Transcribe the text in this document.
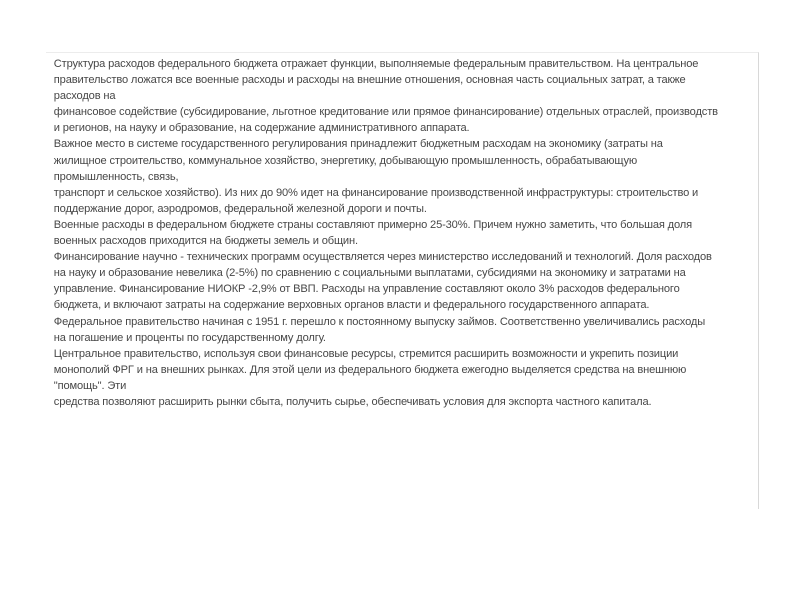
Структура расходов федерального бюджета отражает функции, выполняемые федеральным правительством. На центральное
правительство ложатся все военные расходы и расходы на внешние отношения, основная часть социальных затрат, а также
расходов на
финансовое содействие (субсидирование, льготное кредитование или прямое финансирование) отдельных отраслей, производств
и регионов, на науку и образование, на содержание административного аппарата.
Важное место в системе государственного регулирования принадлежит бюджетным расходам на экономику (затраты на
жилищное строительство, коммунальное хозяйство, энергетику, добывающую промышленность, обрабатывающую
промышленность, связь,
транспорт и сельское хозяйство). Из них до 90% идет на финансирование производственной инфраструктуры: строительство и
поддержание дорог, аэродромов, федеральной железной дороги и почты.
Военные расходы в федеральном бюджете страны составляют примерно 25-30%. Причем нужно заметить, что большая доля
военных расходов приходится на бюджеты земель и общин.
Финансирование научно - технических программ осуществляется через министерство исследований и технологий. Доля расходов
на науку и образование невелика (2-5%) по сравнению с социальными выплатами, субсидиями на экономику и затратами на
управление. Финансирование НИОКР -2,9% от ВВП. Расходы на управление составляют около 3% расходов федерального
бюджета, и включают затраты на содержание верховных органов власти и федерального государственного аппарата.
Федеральное правительство начиная с 1951 г. перешло к постоянному выпуску займов. Соответственно увеличивались расходы
на погашение и проценты по государственному долгу.
Центральное правительство, используя свои финансовые ресурсы, стремится расширить возможности и укрепить позиции
монополий ФРГ и на внешних рынках. Для этой цели из федерального бюджета ежегодно выделяется средства на внешнюю
"помощь". Эти
средства позволяют расширить рынки сбыта, получить сырье, обеспечивать условия для экспорта частного капитала.
